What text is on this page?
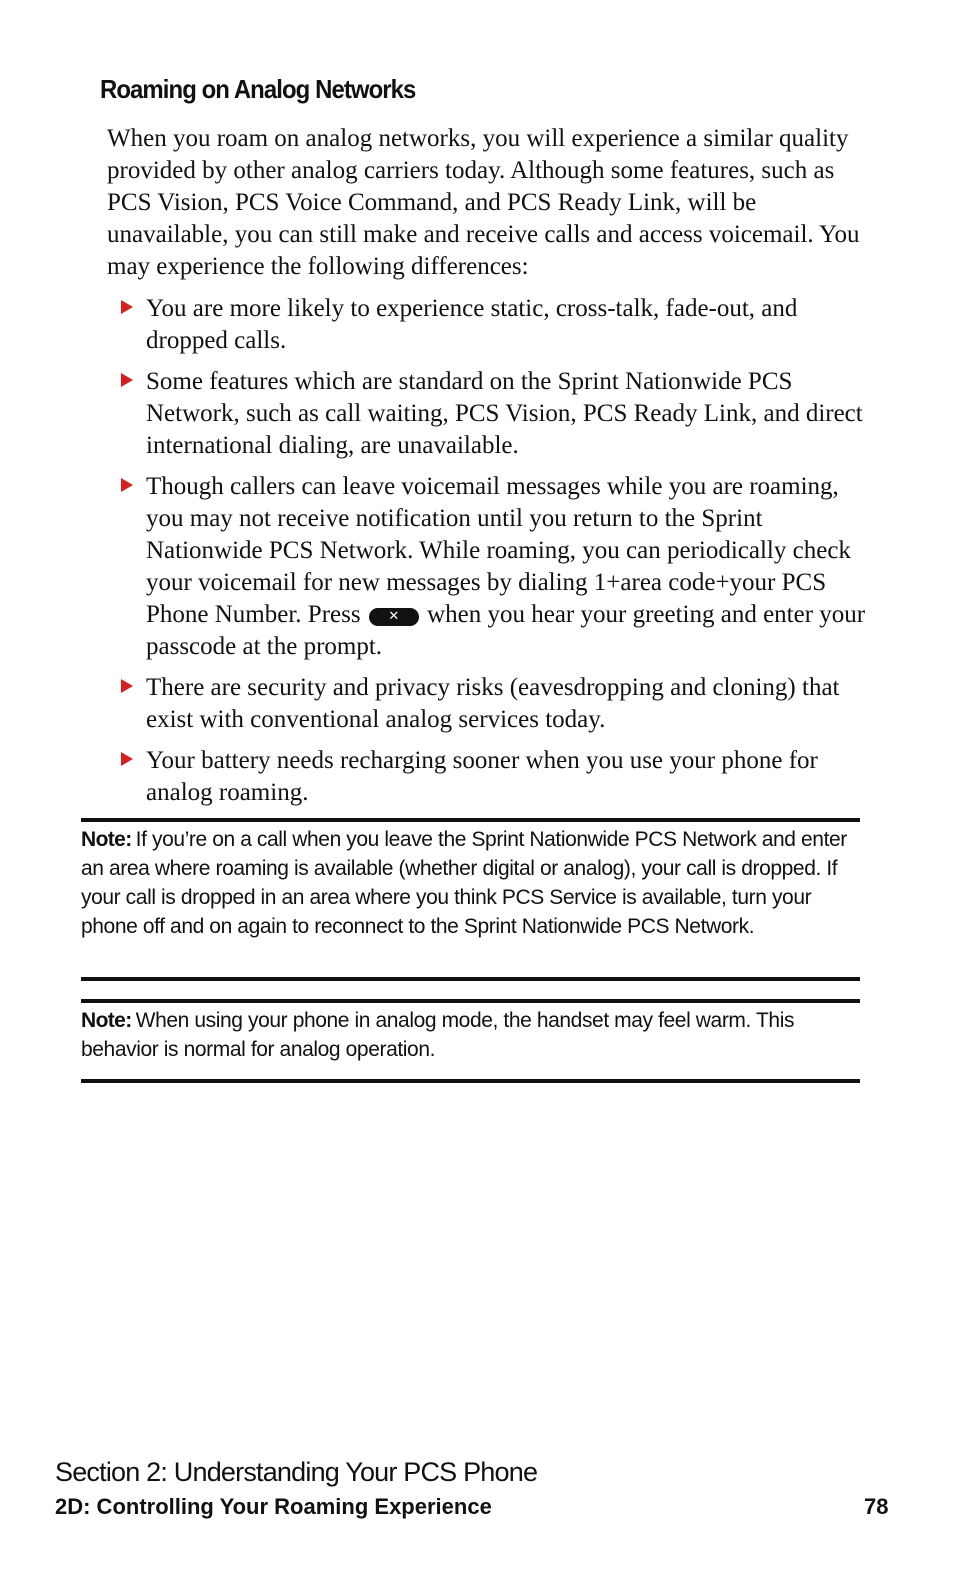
Roaming on Analog Networks

When you roam on analog networks, you will experience a similar quality provided by other analog carriers today. Although some features, such as PCS Vision, PCS Voice Command, and PCS Ready Link, will be unavailable, you can still make and receive calls and access voicemail. You may experience the following differences:

You are more likely to experience static, cross-talk, fade-out, and dropped calls.
Some features which are standard on the Sprint Nationwide PCS Network, such as call waiting, PCS Vision, PCS Ready Link, and direct international dialing, are unavailable.
Though callers can leave voicemail messages while you are roaming, you may not receive notification until you return to the Sprint Nationwide PCS Network. While roaming, you can periodically check your voicemail for new messages by dialing 1+area code+your PCS Phone Number. Press ✕ when you hear your greeting and enter your passcode at the prompt.
There are security and privacy risks (eavesdropping and cloning) that exist with conventional analog services today.
Your battery needs recharging sooner when you use your phone for analog roaming.
Note: If you’re on a call when you leave the Sprint Nationwide PCS Network and enter an area where roaming is available (whether digital or analog), your call is dropped. If your call is dropped in an area where you think PCS Service is available, turn your phone off and on again to reconnect to the Sprint Nationwide PCS Network.
Note: When using your phone in analog mode, the handset may feel warm. This behavior is normal for analog operation.

Section 2: Understanding Your PCS Phone

2D: Controlling Your Roaming Experience	78
